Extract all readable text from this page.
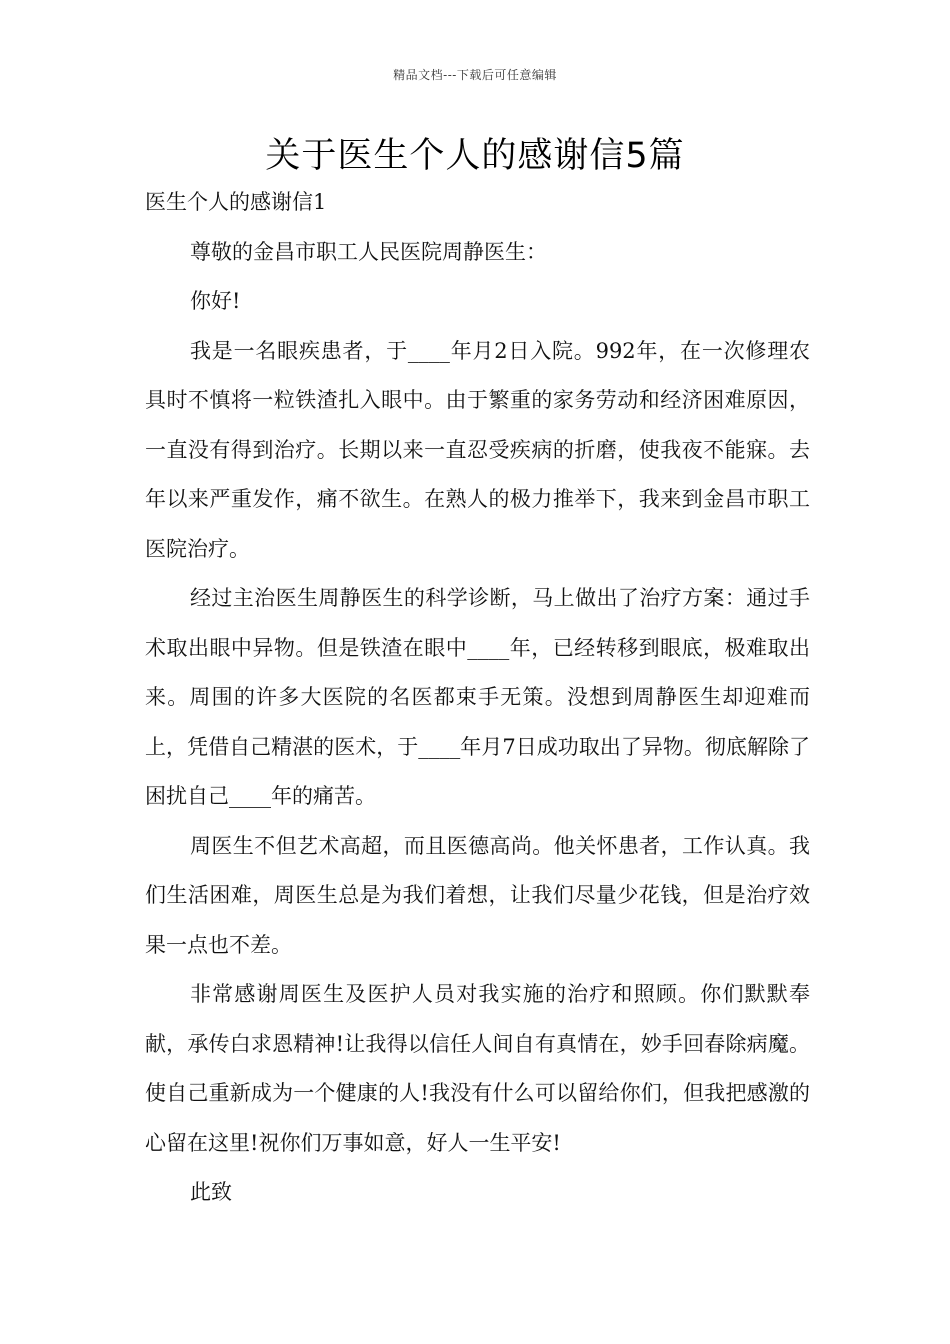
精品文档---下载后可任意编辑
关于医生个人的感谢信5篇

医生个人的感谢信1

尊敬的金昌市职工人民医院周静医生：

你好!

我是一名眼疾患者，于____年月2日入院。992年，在一次修理农具时不慎将一粒铁渣扎入眼中。由于繁重的家务劳动和经济困难原因，一直没有得到治疗。长期以来一直忍受疾病的折磨，使我夜不能寐。去年以来严重发作，痛不欲生。在熟人的极力推举下，我来到金昌市职工医院治疗。

经过主治医生周静医生的科学诊断，马上做出了治疗方案：通过手术取出眼中异物。但是铁渣在眼中____年，已经转移到眼底，极难取出来。周围的许多大医院的名医都束手无策。没想到周静医生却迎难而上，凭借自己精湛的医术，于____年月7日成功取出了异物。彻底解除了困扰自己____年的痛苦。

周医生不但艺术高超，而且医德高尚。他关怀患者，工作认真。我们生活困难，周医生总是为我们着想，让我们尽量少花钱，但是治疗效果一点也不差。

非常感谢周医生及医护人员对我实施的治疗和照顾。你们默默奉献，承传白求恩精神!让我得以信任人间自有真情在，妙手回春除病魔。使自己重新成为一个健康的人!我没有什么可以留给你们，但我把感激的心留在这里!祝你们万事如意，好人一生平安!

此致
